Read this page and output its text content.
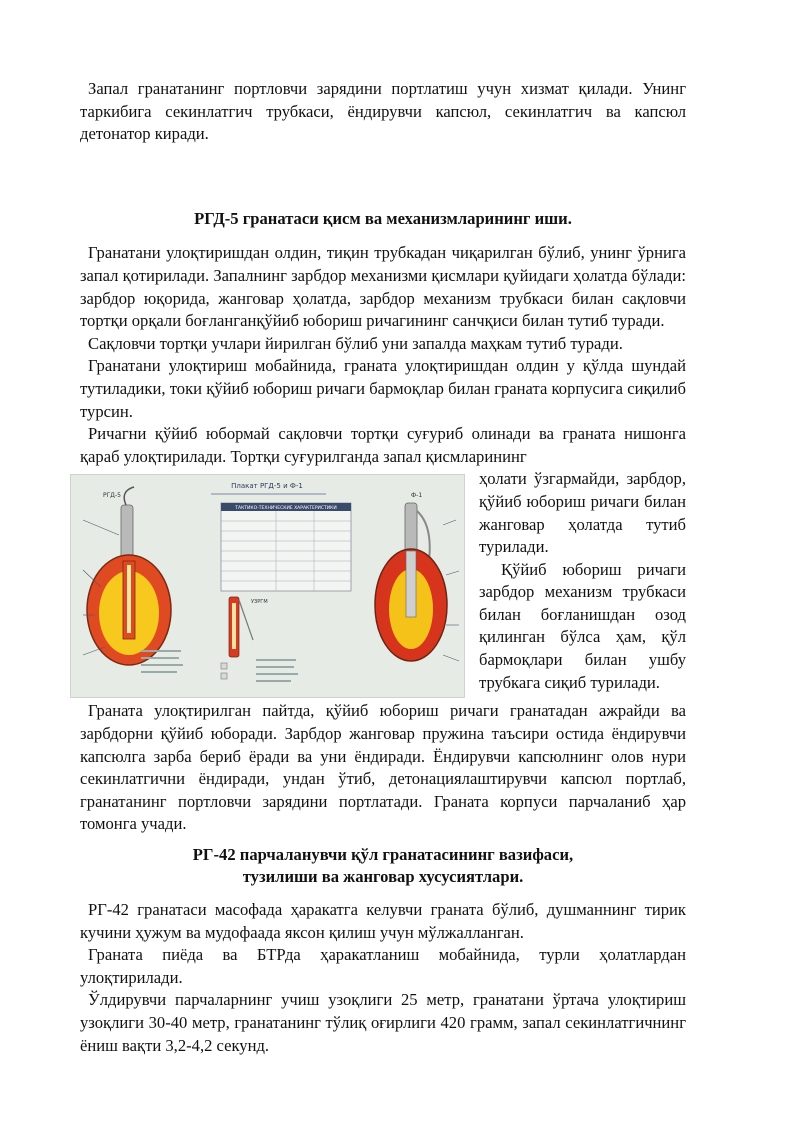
Запал гранатанинг портловчи зарядини портлатиш учун хизмат қилади. Унинг таркибига секинлатгич трубкаси, ёндирувчи капсюл, секинлатгич ва капсюл детонатор киради.

РГД-5 гранатаси қисм ва механизмларининг иши.

Гранатани улоқтиришдан олдин, тиқин трубкадан чиқарилган бўлиб, унинг ўрнига запал қотирилади. Запалнинг зарбдор механизми қисмлари қуйидаги ҳолатда бўлади: зарбдор юқорида, жанговар ҳолатда, зарбдор механизм трубкаси билан сақловчи тортқи орқали боғланганқўйиб юбориш ричагининг санчқиси билан тутиб туради.

Сақловчи тортқи учлари йирилган бўлиб уни запалда маҳкам тутиб туради.

Гранатани улоқтириш мобайнида, граната улоқтиришдан олдин у қўлда шундай тутиладики, токи қўйиб юбориш ричаги бармоқлар билан граната корпусига сиқилиб турсин.

Ричагни қўйиб юбормай сақловчи тортқи суғуриб олинади ва граната нишонга қараб улоқтирилади. Тортқи суғурилганда запал қисмларининг

Плакат РГД-5 и Ф-1
ТАКТИКО-ТЕХНИЧЕСКИЕ ХАРАКТЕРИСТИКИ
РГД-5
УЗРГМ
Ф-1

ҳолати ўзгармайди, зарбдор, қўйиб юбориш ричаги билан жанговар ҳолатда тутиб турилади.

Қўйиб юбориш ричаги зарбдор механизм трубкаси билан боғланишдан озод қилинган бўлса ҳам, қўл бармоқлари билан ушбу трубкага сиқиб турилади.

Граната улоқтирилган пайтда, қўйиб юбориш ричаги гранатадан ажрайди ва зарбдорни қўйиб юборади. Зарбдор жанговар пружина таъсири остида ёндирувчи капсюлга зарба бериб ёради ва уни ёндиради. Ёндирувчи капсюлнинг олов нури секинлатгични ёндиради, ундан ўтиб, детонациялаштирувчи капсюл портлаб, гранатанинг портловчи зарядини портлатади. Граната корпуси парчаланиб ҳар томонга учади.

РГ-42 парчаланувчи қўл гранатасининг вазифаси,
тузилиши ва жанговар хусусиятлари.

РГ-42 гранатаси масофада ҳаракатга келувчи граната бўлиб, душманнинг тирик кучини ҳужум ва мудофаада яксон қилиш учун мўлжалланган.

Граната пиёда ва БТРда ҳаракатланиш мобайнида, турли ҳолатлардан улоқтирилади.

Ўлдирувчи парчаларнинг учиш узоқлиги 25 метр, гранатани ўртача улоқтириш узоқлиги 30-40 метр, гранатанинг тўлиқ оғирлиги 420 грамм, запал секинлатгичнинг ёниш вақти 3,2-4,2 секунд.
